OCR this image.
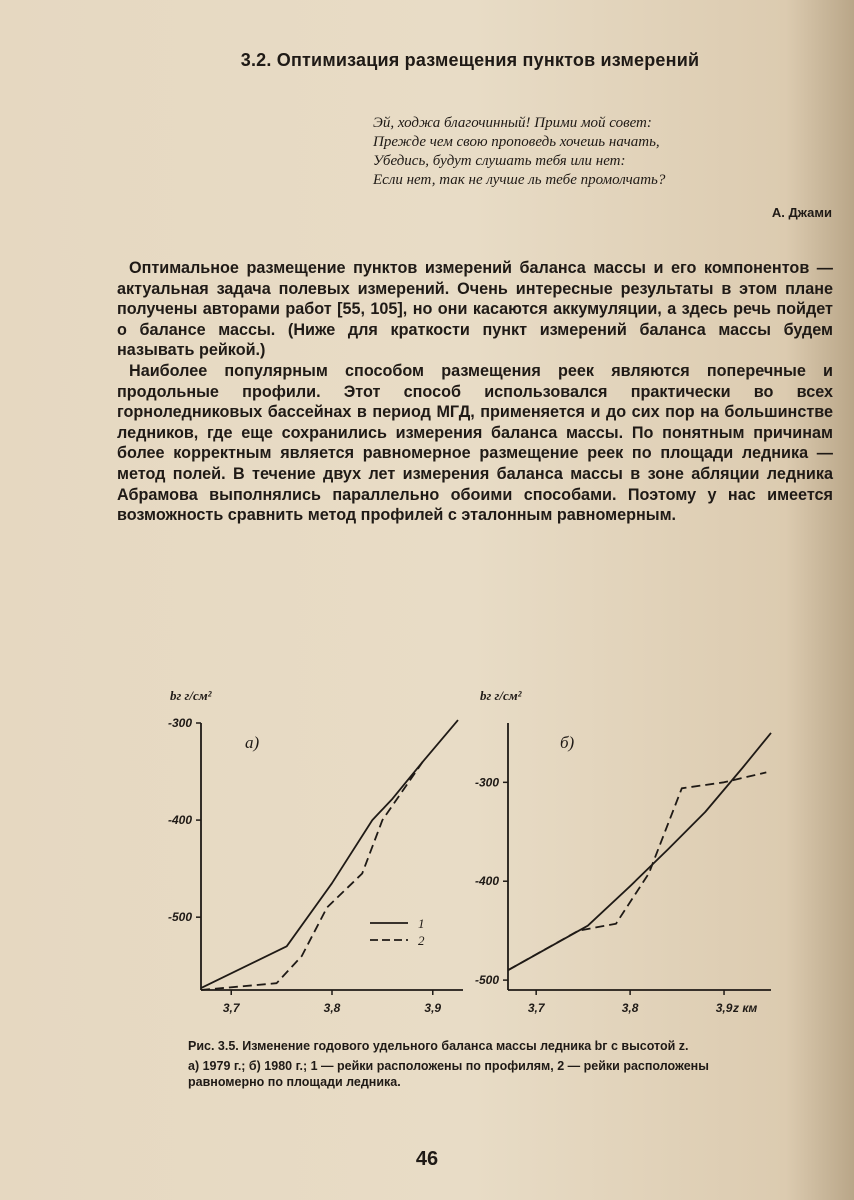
3.2. Оптимизация размещения пунктов измерений
Эй, ходжа благочинный! Прими мой совет:
Прежде чем свою проповедь хочешь начать,
Убедись, будут слушать тебя или нет:
Если нет, так не лучше ль тебе промолчать?
А. Джами

Оптимальное размещение пунктов измерений баланса массы и его компонентов — актуальная задача полевых измерений. Очень интересные результаты в этом плане получены авторами работ [55, 105], но они касаются аккумуляции, а здесь речь пойдет о балансе массы. (Ниже для краткости пункт измерений баланса массы будем называть рейкой.)

Наиболее популярным способом размещения реек являются поперечные и продольные профили. Этот способ использовался практически во всех горноледниковых бассейнах в период МГД, применяется и до сих пор на большинстве ледников, где еще сохранились измерения баланса массы. По понятным причинам более корректным является равномерное размещение реек по площади ледника — метод полей. В течение двух лет измерения баланса массы в зоне абляции ледника Абрамова выполнялись параллельно обоими способами. Поэтому у нас имеется возможность сравнить метод профилей с эталонным равномерным.

bг г/см²
а)
-300
-400
-500
3,7	3,8	3,9
1
2
bг г/см²
б)
-300
-400
-500
3,7	3,8	3,9 z км
Рис. 3.5. Изменение годового удельного баланса массы ледника bг с высотой z.
а) 1979 г.; б) 1980 г.; 1 — рейки расположены по профилям, 2 — рейки расположены равномерно по площади ледника.
46
